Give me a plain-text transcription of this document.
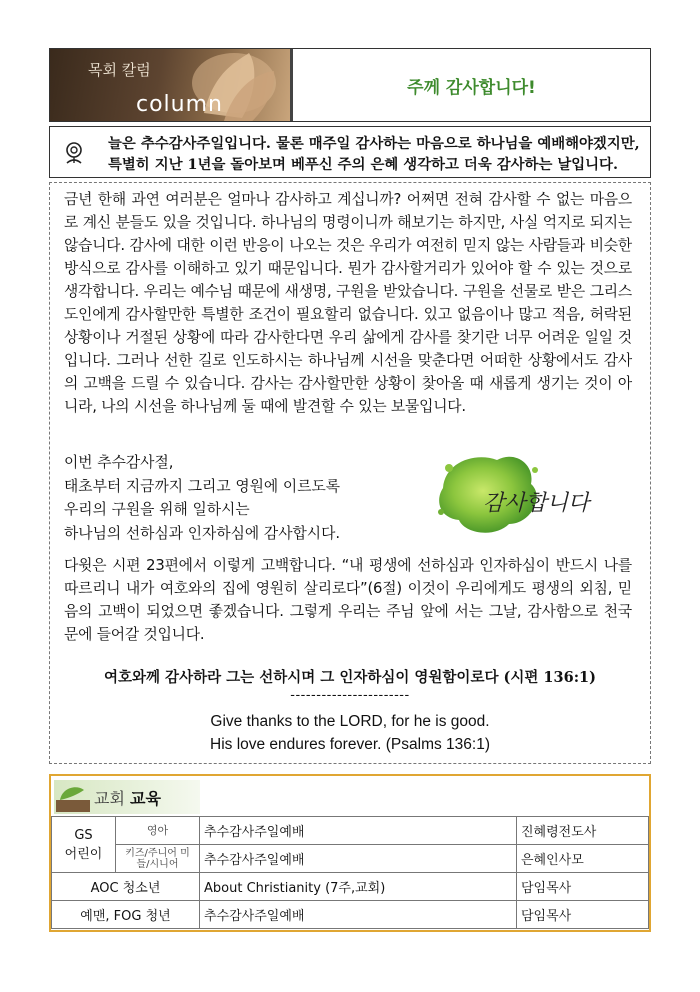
목회 칼럼
column
주께 감사합니다!

늘은 추수감사주일입니다. 물론 매주일 감사하는 마음으로 하나님을 예배해야겠지만, 특별히 지난 1년을 돌아보며 베푸신 주의 은혜 생각하고 더욱 감사하는 날입니다.

금년 한해 과연 여러분은 얼마나 감사하고 계십니까? 어쩌면 전혀 감사할 수 없는 마음으로 계신 분들도 있을 것입니다. 하나님의 명령이니까 해보기는 하지만, 사실 억지로 되지는 않습니다. 감사에 대한 이런 반응이 나오는 것은 우리가 여전히 믿지 않는 사람들과 비슷한 방식으로 감사를 이해하고 있기 때문입니다. 뭔가 감사할거리가 있어야 할 수 있는 것으로 생각합니다. 우리는 예수님 때문에 새생명, 구원을 받았습니다. 구원을 선물로 받은 그리스도인에게 감사할만한 특별한 조건이 필요할리 없습니다. 있고 없음이나 많고 적음, 허락된 상황이나 거절된 상황에 따라 감사한다면 우리 삶에게 감사를 찾기란 너무 어려운 일일 것입니다. 그러나 선한 길로 인도하시는 하나님께 시선을 맞춘다면 어떠한 상황에서도 감사의 고백을 드릴 수 있습니다. 감사는 감사할만한 상황이 찾아올 때 새롭게 생기는 것이 아니라, 나의 시선을 하나님께 둘 때에 발견할 수 있는 보물입니다.

이번 추수감사절,
태초부터 지금까지 그리고 영원에 이르도록
우리의 구원을 위해 일하시는
하나님의 선하심과 인자하심에 감사합시다.
감사합니다

다윗은 시편 23편에서 이렇게 고백합니다. “내 평생에 선하심과 인자하심이 반드시 나를 따르리니 내가 여호와의 집에 영원히 살리로다”(6절) 이것이 우리에게도 평생의 외침, 믿음의 고백이 되었으면 좋겠습니다. 그렇게 우리는 주님 앞에 서는 그날, 감사함으로 천국 문에 들어갈 것입니다.

여호와께 감사하라 그는 선하시며 그 인자하심이 영원함이로다 (시편 136:1)
-----------------------
Give thanks to the LORD, for he is good.
His love endures forever. (Psalms 136:1)
교회 교육
GS
어린이	영아	추수감사주일예배	진혜령전도사
	키즈/주니어 미들/시니어	추수감사주일예배	은혜인사모
AOC 청소년		About Christianity (7주,교회)	담임목사
예맨, FOG 청년		추수감사주일예배	담임목사
